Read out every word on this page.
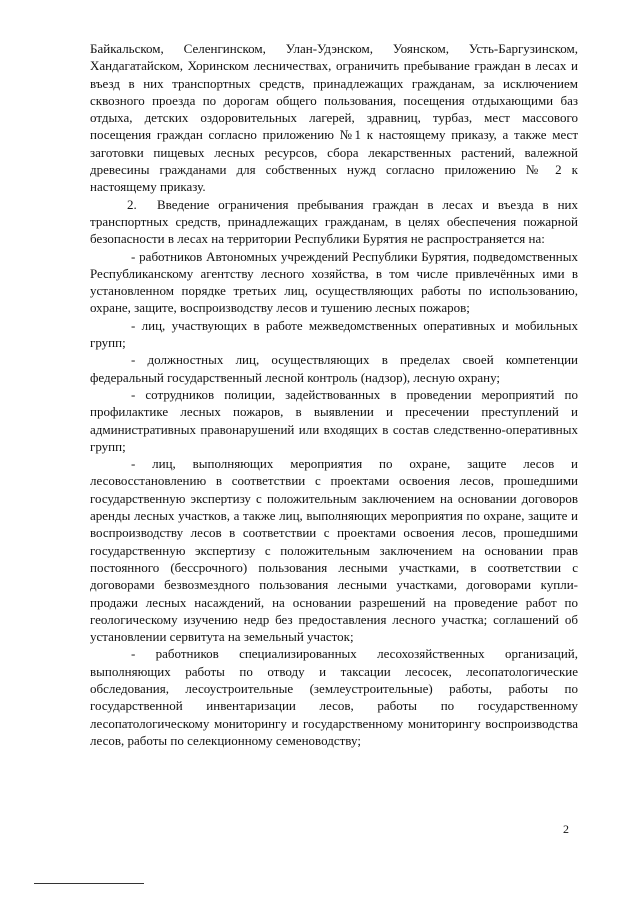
Байкальском, Селенгинском, Улан-Удэнском, Уоянском, Усть-Баргузинском, Хандагатайском, Хоринском лесничествах, ограничить пребывание граждан в лесах и въезд в них транспортных средств, принадлежащих гражданам, за исключением сквозного проезда по дорогам общего пользования, посещения отдыхающими баз отдыха, детских оздоровительных лагерей, здравниц, турбаз, мест массового посещения граждан согласно приложению №1 к настоящему приказу, а также мест заготовки пищевых лесных ресурсов, сбора лекарственных растений, валежной древесины гражданами для собственных нужд согласно приложению № 2 к настоящему приказу.

2. Введение ограничения пребывания граждан в лесах и въезда в них транспортных средств, принадлежащих гражданам, в целях обеспечения пожарной безопасности в лесах на территории Республики Бурятия не распространяется на:

- работников Автономных учреждений Республики Бурятия, подведомственных Республиканскому агентству лесного хозяйства, в том числе привлечённых ими в установленном порядке третьих лиц, осуществляющих работы по использованию, охране, защите, воспроизводству лесов и тушению лесных пожаров;

- лиц, участвующих в работе межведомственных оперативных и мобильных групп;

- должностных лиц, осуществляющих в пределах своей компетенции федеральный государственный лесной контроль (надзор), лесную охрану;

- сотрудников полиции, задействованных в проведении мероприятий по профилактике лесных пожаров, в выявлении и пресечении преступлений и административных правонарушений или входящих в состав следственно-оперативных групп;

- лиц, выполняющих мероприятия по охране, защите лесов и лесовосстановлению в соответствии с проектами освоения лесов, прошедшими государственную экспертизу с положительным заключением на основании договоров аренды лесных участков, а также лиц, выполняющих мероприятия по охране, защите и воспроизводству лесов в соответствии с проектами освоения лесов, прошедшими государственную экспертизу с положительным заключением на основании прав постоянного (бессрочного) пользования лесными участками, в соответствии с договорами безвозмездного пользования лесными участками, договорами купли-продажи лесных насаждений, на основании разрешений на проведение работ по геологическому изучению недр без предоставления лесного участка; соглашений об установлении сервитута на земельный участок;

- работников специализированных лесохозяйственных организаций, выполняющих работы по отводу и таксации лесосек, лесопатологические обследования, лесоустроительные (землеустроительные) работы, работы по государственной инвентаризации лесов, работы по государственному лесопатологическому мониторингу и государственному мониторингу воспроизводства лесов, работы по селекционному семеноводству;

2
